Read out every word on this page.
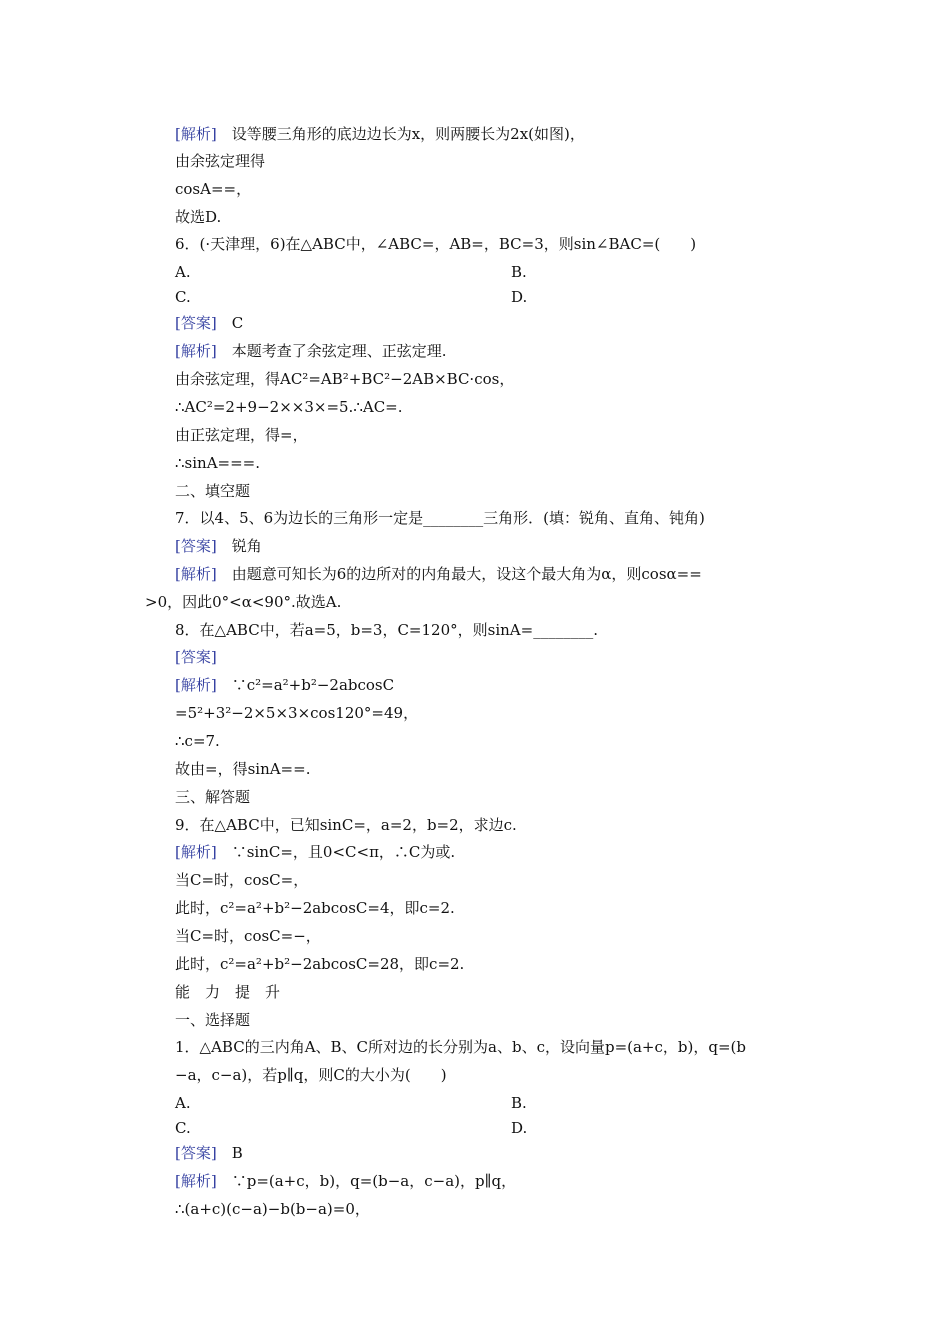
[解析]　设等腰三角形的底边边长为x，则两腰长为2x(如图)，
由余弦定理得
cosA==，
故选D.
6．(·天津理，6)在△ABC中，∠ABC=，AB=，BC=3，则sin∠BAC=(　　)
A.	B.
C.	D.
[答案]　C
[解析]　本题考查了余弦定理、正弦定理.
由余弦定理，得AC²=AB²+BC²−2AB×BC·cos，
∴AC²=2+9−2××3×=5.∴AC=.
由正弦定理，得=，
∴sinA===.
二、填空题
7．以4、5、6为边长的三角形一定是________三角形．(填：锐角、直角、钝角)
[答案]　锐角
[解析]　由题意可知长为6的边所对的内角最大，设这个最大角为α，则cosα==
>0，因此0°<α<90°.故选A.
8．在△ABC中，若a=5，b=3，C=120°，则sinA=________.
[答案]
[解析]　∵c²=a²+b²−2abcosC
=5²+3²−2×5×3×cos120°=49，
∴c=7.
故由=，得sinA==.
三、解答题
9．在△ABC中，已知sinC=，a=2，b=2，求边c.
[解析]　∵sinC=，且0<C<π，∴C为或.
当C=时，cosC=，
此时，c²=a²+b²−2abcosC=4，即c=2.
当C=时，cosC=−，
此时，c²=a²+b²−2abcosC=28，即c=2.
能　力　提　升
一、选择题
1．△ABC的三内角A、B、C所对边的长分别为a、b、c，设向量p=(a+c，b)，q=(b
−a，c−a)，若p∥q，则C的大小为(　　)
A.	B.
C.	D.
[答案]　B
[解析]　∵p=(a+c，b)，q=(b−a，c−a)，p∥q，
∴(a+c)(c−a)−b(b−a)=0，
